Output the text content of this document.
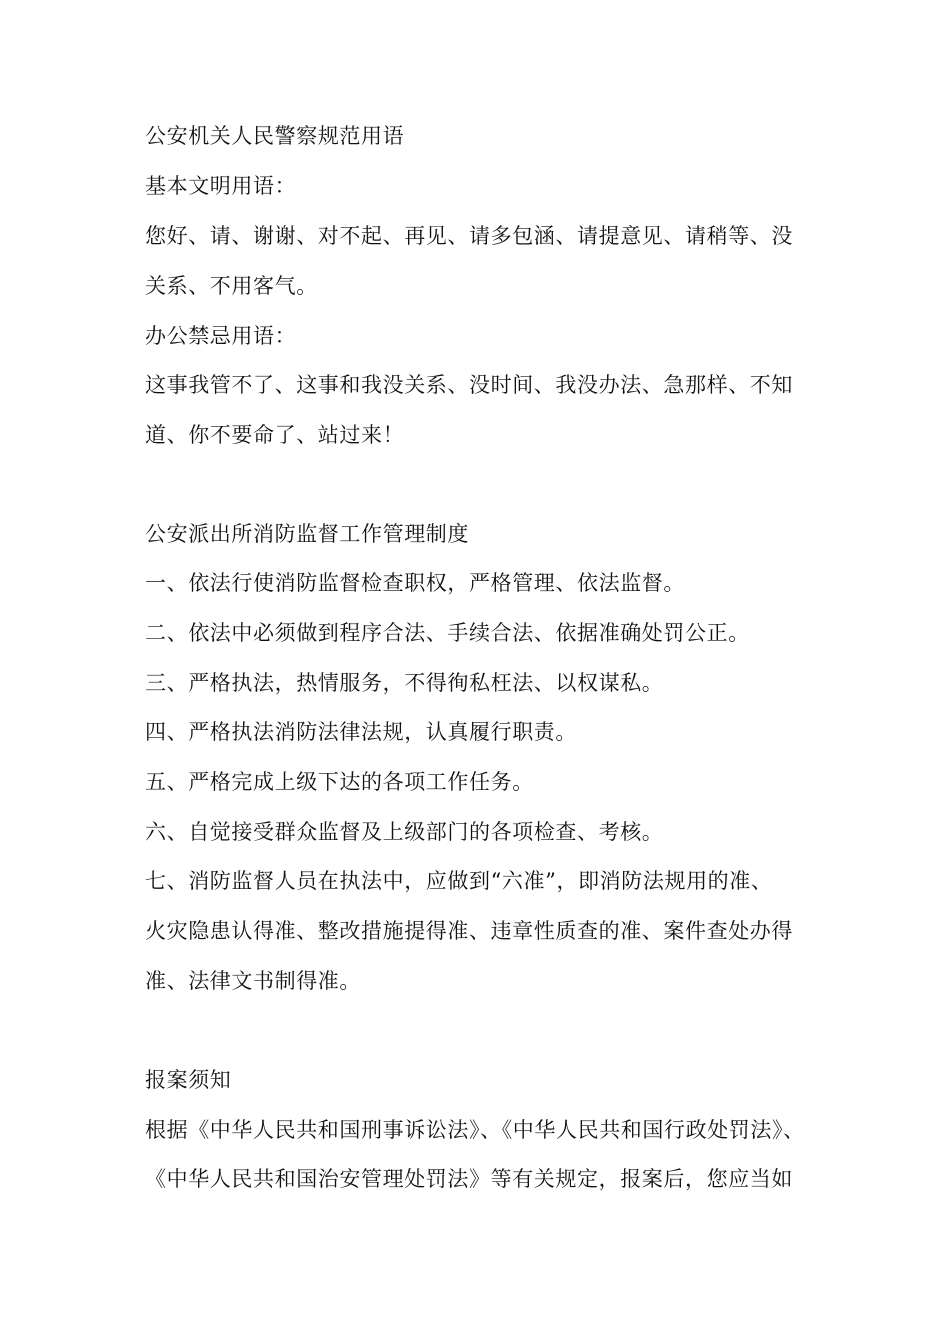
公安机关人民警察规范用语
基本文明用语：
您好、请、谢谢、对不起、再见、请多包涵、请提意见、请稍等、没
关系、不用客气。
办公禁忌用语：
这事我管不了、这事和我没关系、没时间、我没办法、急那样、不知
道、你不要命了、站过来！
公安派出所消防监督工作管理制度
一、依法行使消防监督检查职权，严格管理、依法监督。
二、依法中必须做到程序合法、手续合法、依据准确处罚公正。
三、严格执法，热情服务，不得徇私枉法、以权谋私。
四、严格执法消防法律法规，认真履行职责。
五、严格完成上级下达的各项工作任务。
六、自觉接受群众监督及上级部门的各项检查、考核。
七、消防监督人员在执法中，应做到“六准”，即消防法规用的准、
火灾隐患认得准、整改措施提得准、违章性质查的准、案件查处办得
准、法律文书制得准。
报案须知
根据《中华人民共和国刑事诉讼法》、《中华人民共和国行政处罚法》、
《中华人民共和国治安管理处罚法》等有关规定，报案后，您应当如
